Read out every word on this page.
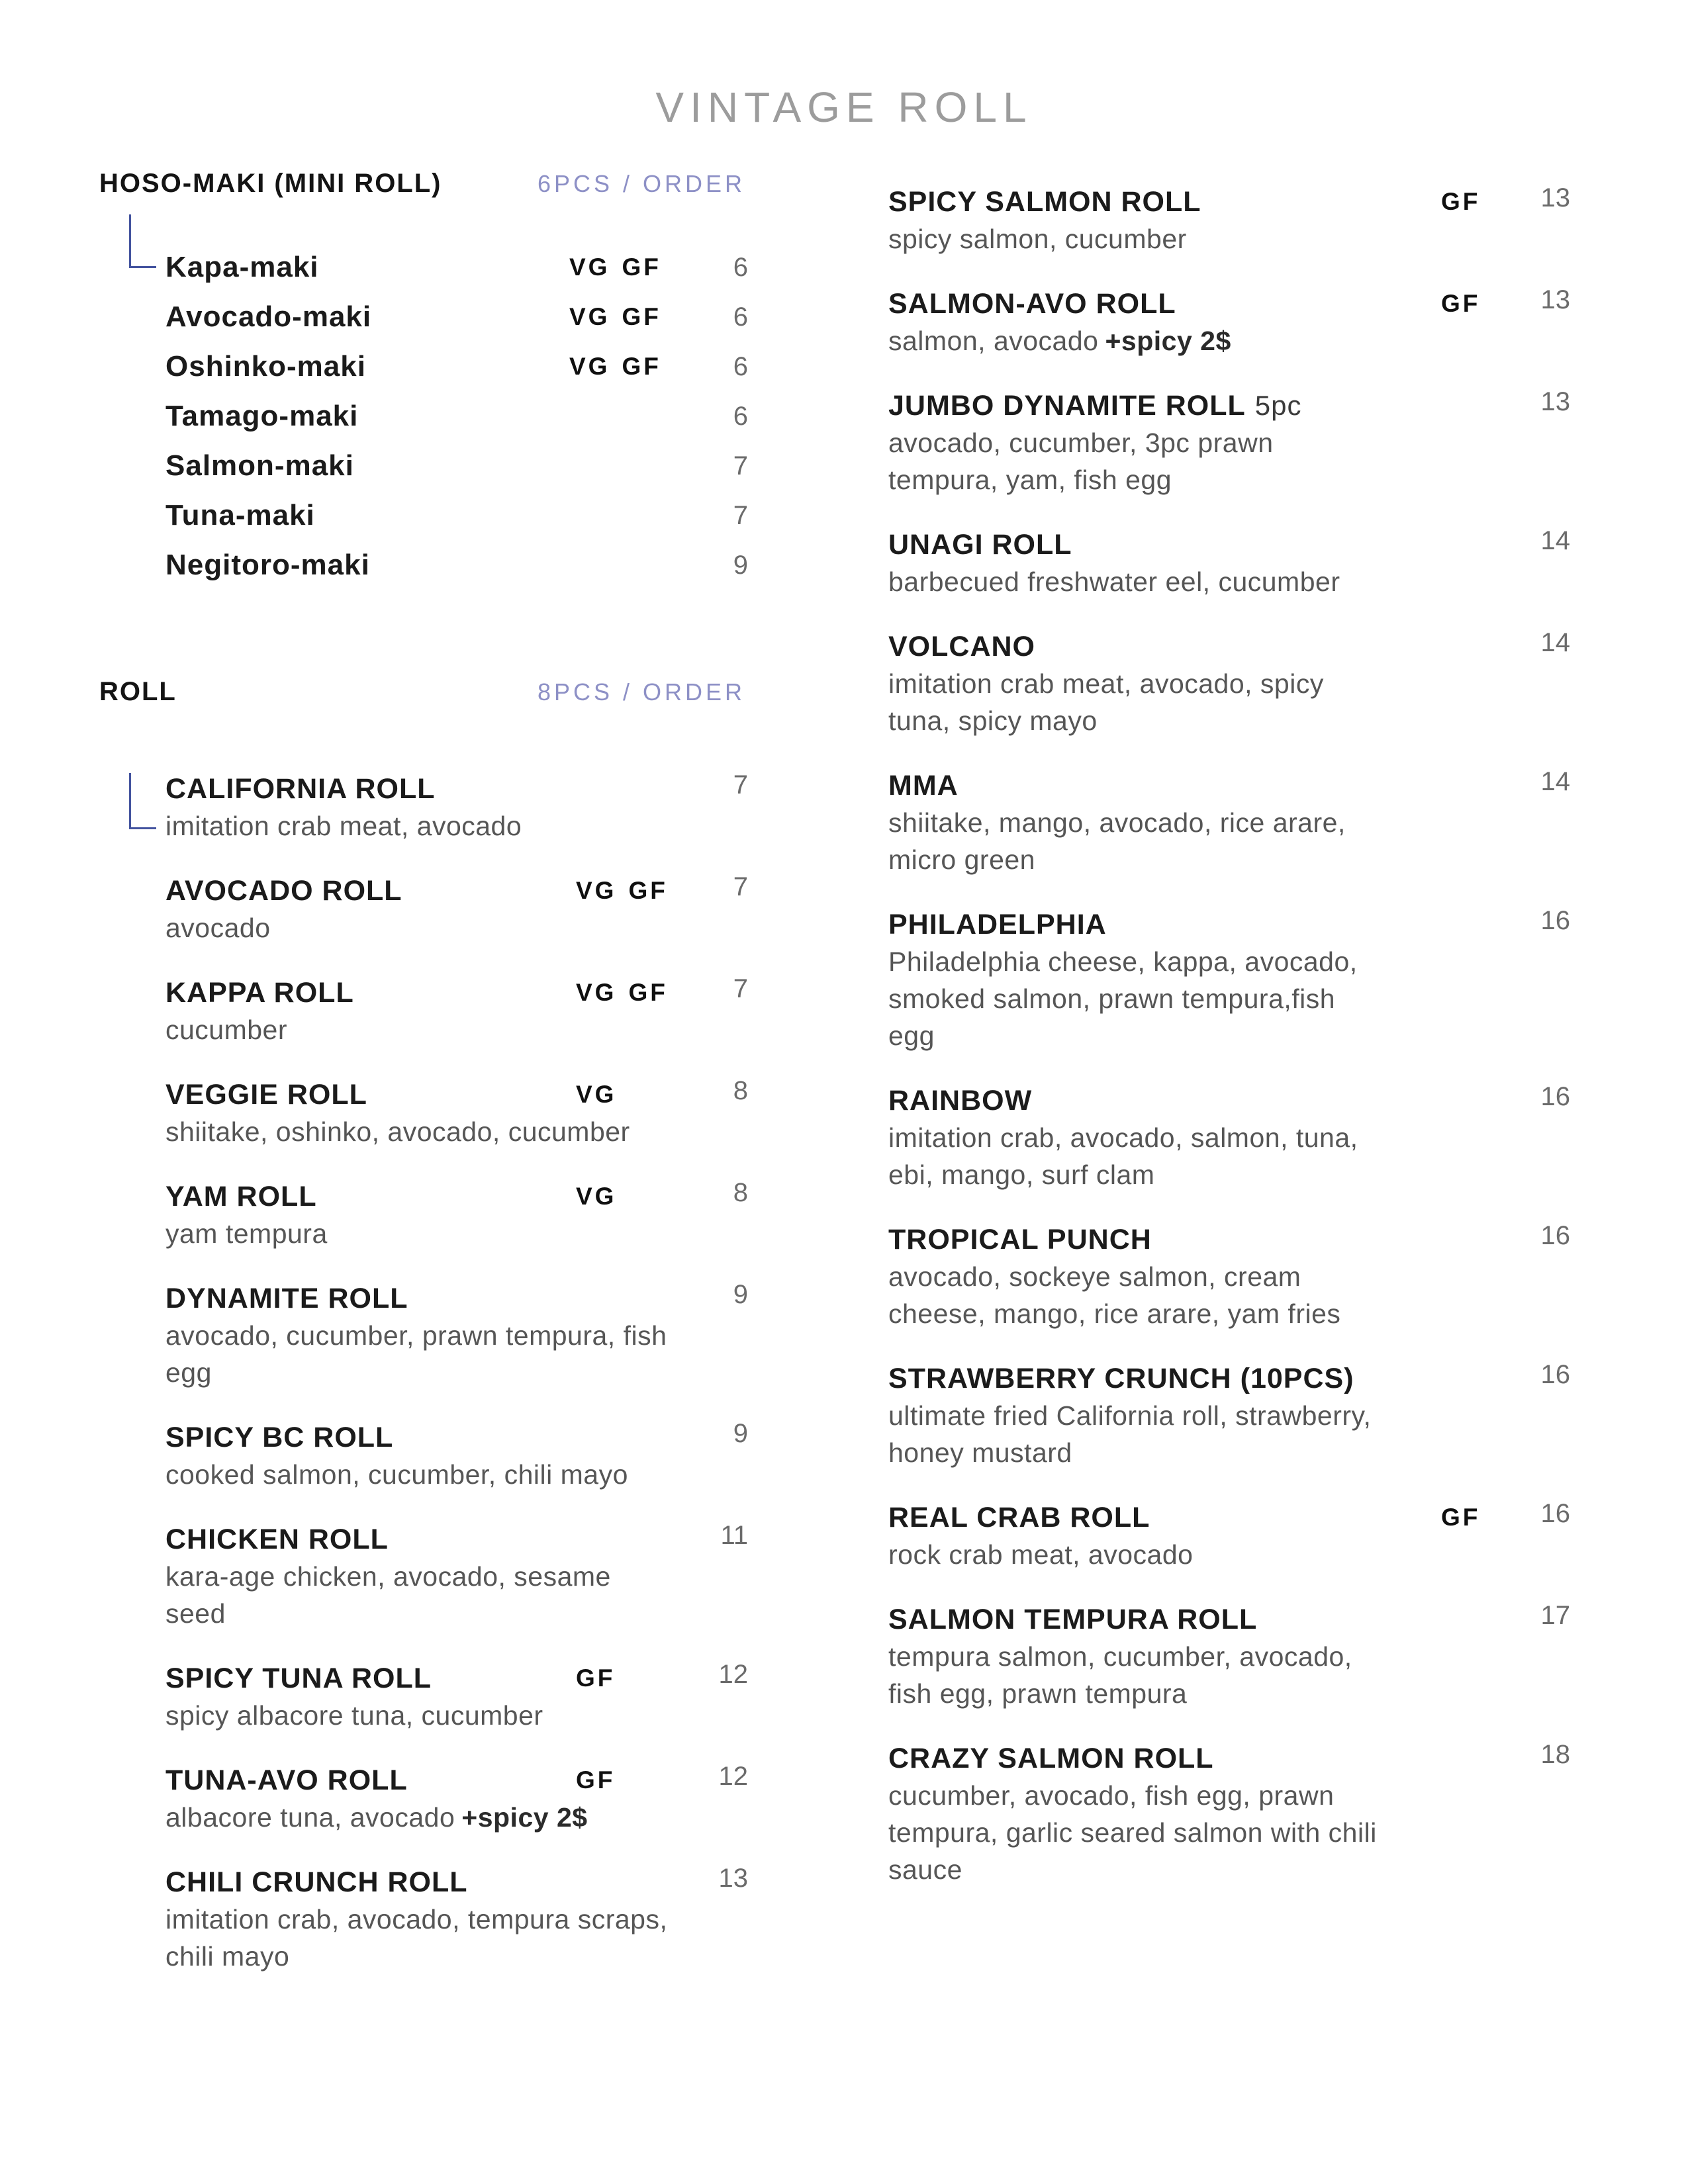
VINTAGE ROLL
HOSO-MAKI (MINI ROLL)	6PCS / ORDER
Kapa-maki	VG GF	6
Avocado-maki	VG GF	6
Oshinko-maki	VG GF	6
Tamago-maki	6
Salmon-maki	7
Tuna-maki	7
Negitoro-maki	9
ROLL	8PCS / ORDER
CALIFORNIA ROLL	7

imitation crab meat, avocado

AVOCADO ROLL	VG GF	7

avocado

KAPPA ROLL	VG GF	7

cucumber

VEGGIE ROLL	VG	8

shiitake, oshinko, avocado, cucumber

YAM ROLL	VG	8

yam tempura

DYNAMITE ROLL	9

avocado, cucumber, prawn tempura, fish egg

SPICY BC ROLL	9

cooked salmon, cucumber, chili mayo

CHICKEN ROLL	11

kara-age chicken, avocado, sesame seed

SPICY TUNA ROLL	GF	12

spicy albacore tuna, cucumber

TUNA-AVO ROLL	GF	12

albacore tuna, avocado +spicy 2$

CHILI CRUNCH ROLL	13

imitation crab, avocado, tempura scraps, chili mayo

SPICY SALMON ROLL	GF	13

spicy salmon, cucumber

SALMON-AVO ROLL	GF	13

salmon, avocado +spicy 2$

JUMBO DYNAMITE ROLL 5pc	13

avocado, cucumber, 3pc prawn tempura, yam, fish egg

UNAGI ROLL	14

barbecued freshwater eel, cucumber

VOLCANO	14

imitation crab meat, avocado, spicy tuna, spicy mayo

MMA	14

shiitake, mango, avocado, rice arare, micro green

PHILADELPHIA	16

Philadelphia cheese, kappa, avocado, smoked salmon, prawn tempura,fish egg

RAINBOW	16

imitation crab, avocado, salmon, tuna, ebi, mango, surf clam

TROPICAL PUNCH	16

avocado, sockeye salmon, cream cheese, mango, rice arare, yam fries

STRAWBERRY CRUNCH (10PCS)	16

ultimate fried California roll, strawberry, honey mustard

REAL CRAB ROLL	GF	16

rock crab meat, avocado

SALMON TEMPURA ROLL	17

tempura salmon, cucumber, avocado, fish egg, prawn tempura

CRAZY SALMON ROLL	18

cucumber, avocado, fish egg, prawn tempura, garlic seared salmon with chili sauce
